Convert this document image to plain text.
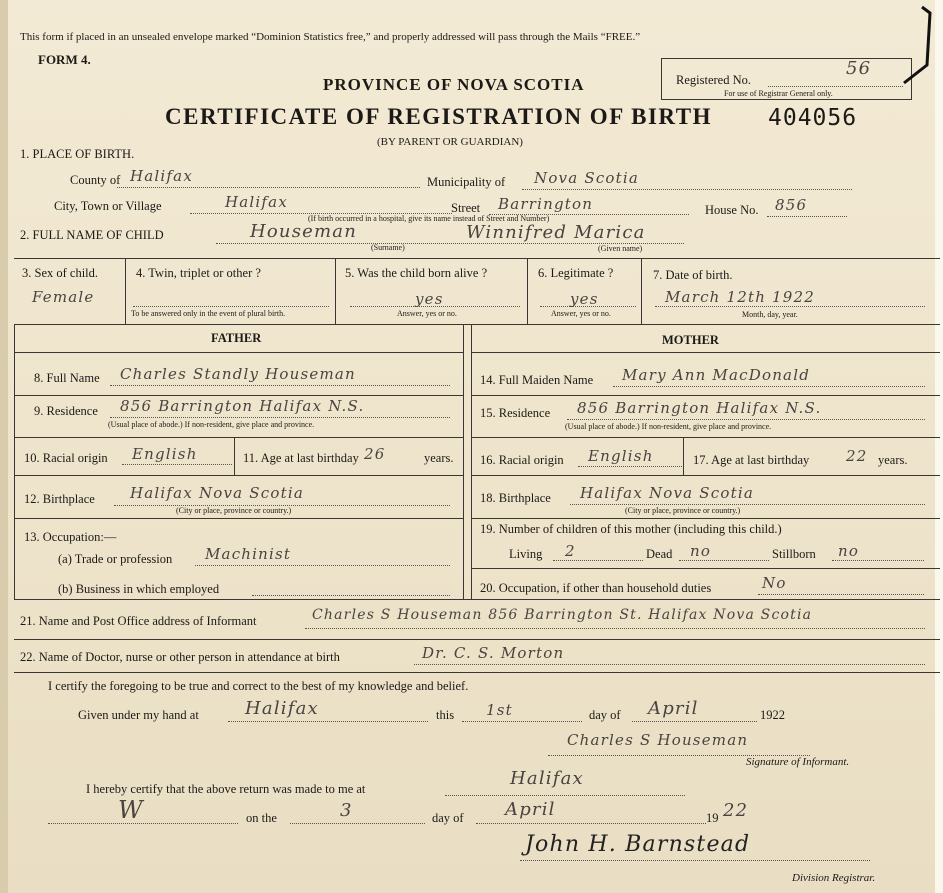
This form if placed in an unsealed envelope marked “Dominion Statistics free,” and properly addressed will pass through the Mails “FREE.”
FORM 4.
Registered No.
56
For use of Registrar General only.
PROVINCE OF NOVA SCOTIA
CERTIFICATE OF REGISTRATION OF BIRTH 404056
(BY PARENT OR GUARDIAN)
1. PLACE OF BIRTH.
County of Halifax	Municipality of Nova Scotia
City, Town or Village	Halifax	Street Barrington	House No. 856
(If birth occurred in a hospital, give its name instead of Street and Number)
2. FULL NAME OF CHILD	Houseman	Winnifred Marica
(Surname)	(Given name)
3. Sex of child.
Female
4. Twin, triplet or other ?
To be answered only in the event of plural birth.
5. Was the child born alive ?
yes
Answer, yes or no.
6. Legitimate ?
yes
Answer, yes or no.
7. Date of birth.
March 12th 1922
Month, day, year.
FATHER	MOTHER
8. Full Name Charles Standly Houseman
9. Residence 856 Barrington Halifax N.S.
(Usual place of abode.) If non-resident, give place and province.
10. Racial origin English	11. Age at last birthday 26	years.
12. Birthplace Halifax Nova Scotia
(City or place, province or country.)
13. Occupation:—
(a) Trade or profession Machinist
(b) Business in which employed
14. Full Maiden Name Mary Ann MacDonald
15. Residence 856 Barrington Halifax N.S.
(Usual place of abode.) If non-resident, give place and province.
16. Racial origin English	17. Age at last birthday 22 years.
18. Birthplace Halifax Nova Scotia
(City or place, province or country.)
19. Number of children of this mother (including this child.)
Living 2	Dead no	Stillborn no
20. Occupation, if other than household duties	No
21. Name and Post Office address of Informant	Charles S Houseman 856 Barrington St. Halifax Nova Scotia
22. Name of Doctor, nurse or other person in attendance at birth	Dr. C. S. Morton
I certify the foregoing to be true and correct to the best of my knowledge and belief.
Given under my hand at	Halifax	this 1st	day of April	1922
Charles S Houseman
Signature of Informant.
I hereby certify that the above return was made to me at	Halifax
W	on the	3	day of April	19 22
John H. Barnstead
Division Registrar.
